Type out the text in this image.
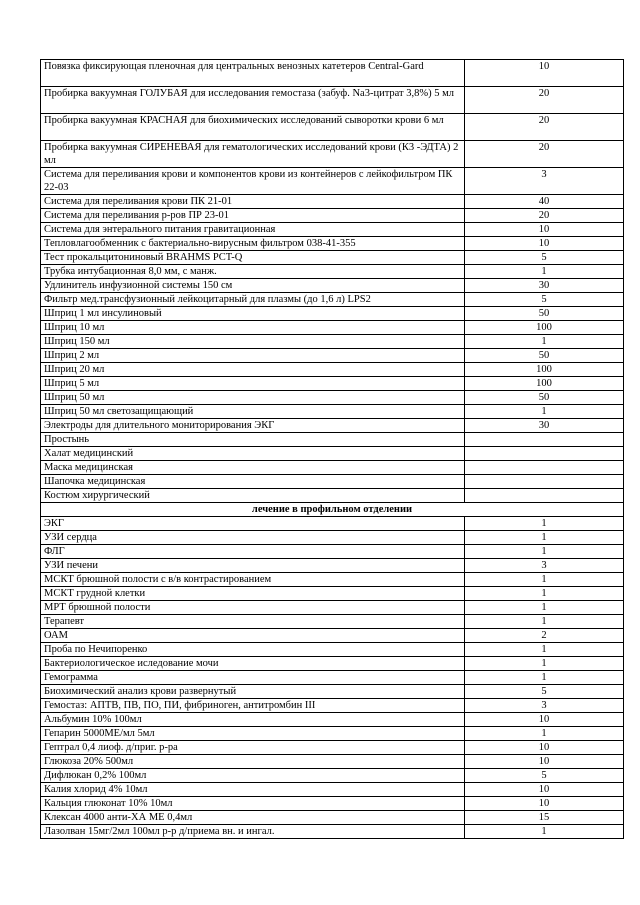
Повязка фиксирующая пленочная для центральных венозных катетеров Central-Gard	10
Пробирка вакуумная ГОЛУБАЯ для исследования гемостаза (забуф. Na3-цитрат 3,8%) 5 мл	20
Пробирка вакуумная КРАСНАЯ для биохимических исследований сыворотки крови 6 мл	20
Пробирка вакуумная СИРЕНЕВАЯ для гематологических исследований крови (К3 -ЭДТА) 2 мл	20
Система для переливания крови и компонентов крови из контейнеров с лейкофильтром ПК 22-03	3
Система для переливания крови ПК 21-01	40
Система для переливания р-ров ПР 23-01	20
Система для энтерального питания гравитационная	10
Тепловлагообменник с бактериально-вирусным фильтром 038-41-355	10
Тест прокальцитониновый BRAHMS PCT-Q	5
Трубка интубационная 8,0 мм, с манж.	1
Удлинитель инфузионной системы 150 см	30
Фильтр мед.трансфузионный лейкоцитарный для плазмы (до 1,6 л) LPS2	5
Шприц 1 мл инсулиновый	50
Шприц 10 мл	100
Шприц 150 мл	1
Шприц 2 мл	50
Шприц 20 мл	100
Шприц 5 мл	100
Шприц 50 мл	50
Шприц 50 мл светозащищающий	1
Электроды для длительного мониторирования ЭКГ	30
Простынь	
Халат медицинский	
Маска медицинская	
Шапочка медицинская	
Костюм хирургический	
лечение в профильном отделении	
ЭКГ	1
УЗИ сердца	1
ФЛГ	1
УЗИ печени	3
МСКТ брюшной полости с в/в контрастированием	1
МСКТ грудной клетки	1
МРТ брюшной полости	1
Терапевт	1
ОАМ	2
Проба по Нечипоренко	1
Бактериологическое иследование мочи	1
Гемограмма	1
Биохимический анализ крови развернутый	5
Гемостаз: АПТВ, ПВ, ПО, ПИ, фибриноген, антитромбин III	3
Альбумин 10% 100мл	10
Гепарин 5000МЕ/мл 5мл	1
Гептрал 0,4 лиоф. д/приг. р-ра	10
Глюкоза 20% 500мл	10
Дифлюкан 0,2% 100мл	5
Калия хлорид 4% 10мл	10
Кальция глюконат 10% 10мл	10
Клексан 4000 анти-ХА МЕ 0,4мл	15
Лазолван 15мг/2мл 100мл р-р д/приема вн. и ингал.	1
